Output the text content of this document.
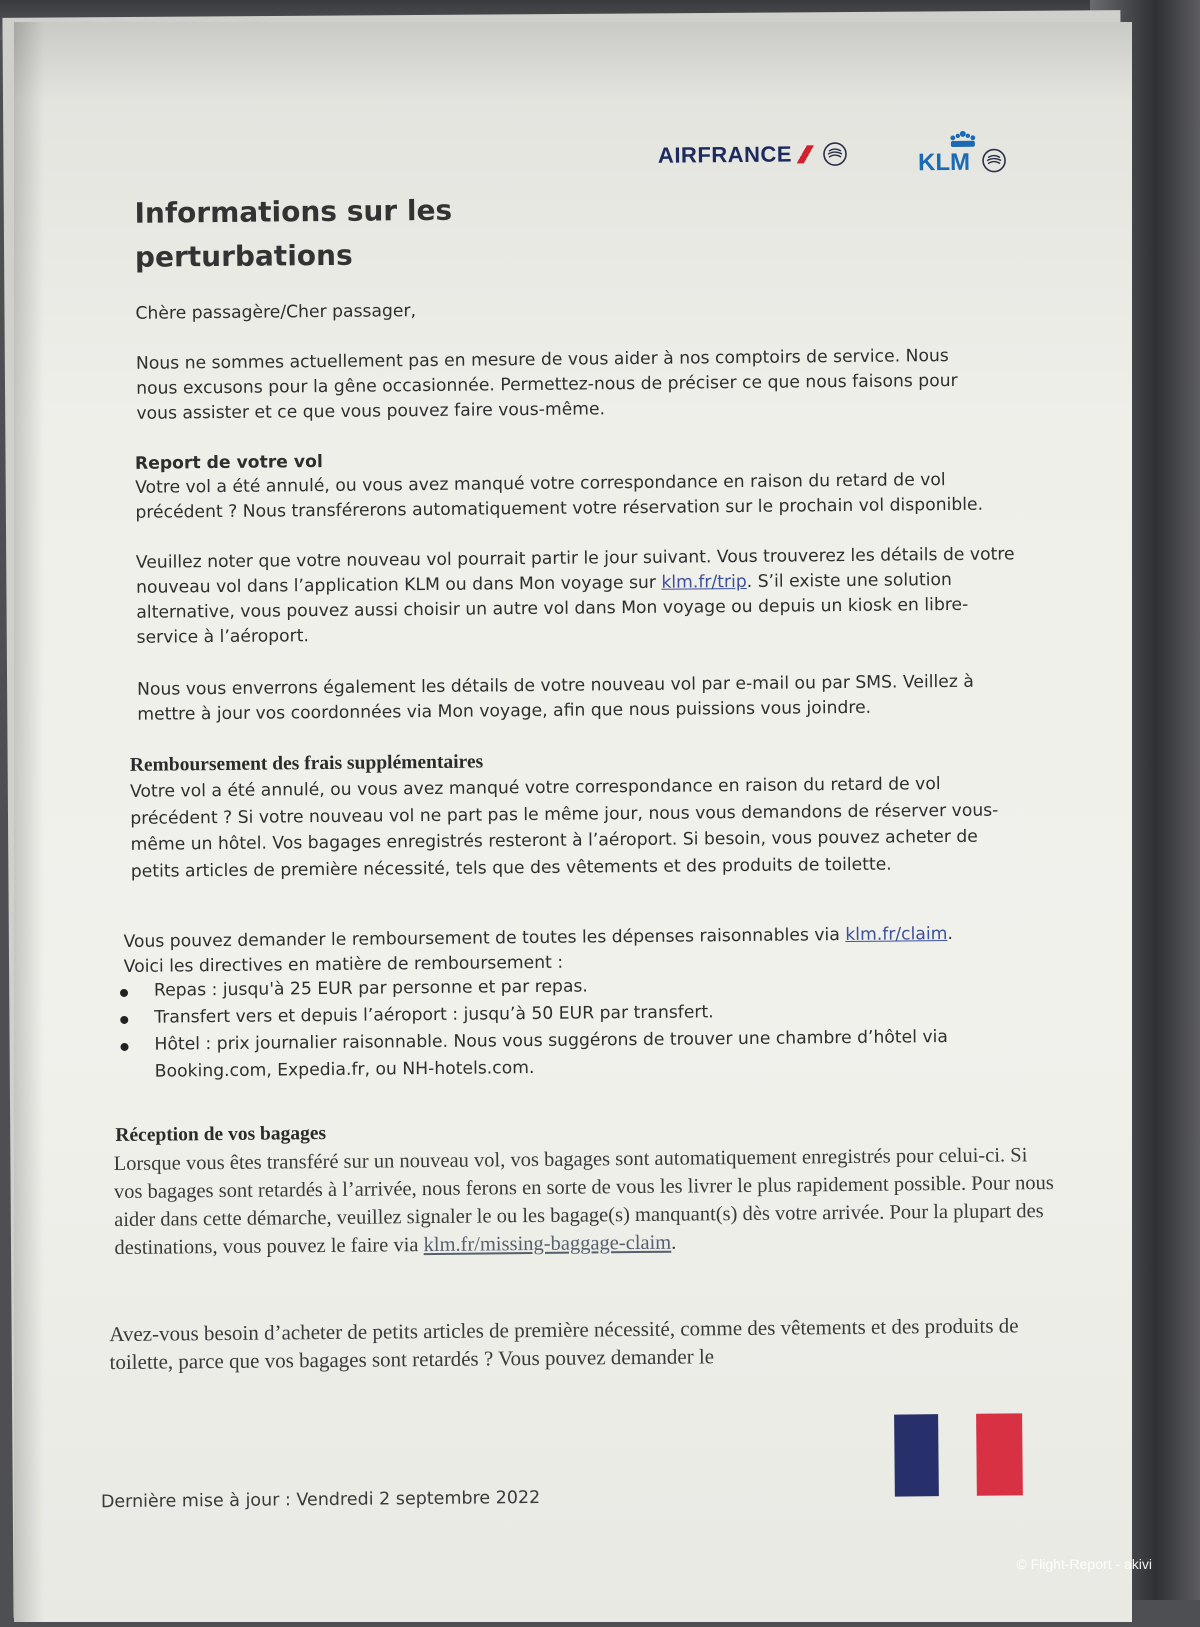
AIRFRANCE	KLM
Informations sur les perturbations

Chère passagère/Cher passager,

Nous ne sommes actuellement pas en mesure de vous aider à nos comptoirs de service. Nous nous excusons pour la gêne occasionnée. Permettez-nous de préciser ce que nous faisons pour vous assister et ce que vous pouvez faire vous-même.

Report de votre vol

Votre vol a été annulé, ou vous avez manqué votre correspondance en raison du retard de vol précédent ? Nous transférerons automatiquement votre réservation sur le prochain vol disponible.

Veuillez noter que votre nouveau vol pourrait partir le jour suivant. Vous trouverez les détails de votre nouveau vol dans l’application KLM ou dans Mon voyage sur klm.fr/trip. S’il existe une solution alternative, vous pouvez aussi choisir un autre vol dans Mon voyage ou depuis un kiosk en libre-service à l’aéroport.

Nous vous enverrons également les détails de votre nouveau vol par e-mail ou par SMS. Veillez à mettre à jour vos coordonnées via Mon voyage, afin que nous puissions vous joindre.

Remboursement des frais supplémentaires

Votre vol a été annulé, ou vous avez manqué votre correspondance en raison du retard de vol précédent ? Si votre nouveau vol ne part pas le même jour, nous vous demandons de réserver vous-même un hôtel. Vos bagages enregistrés resteront à l’aéroport. Si besoin, vous pouvez acheter de petits articles de première nécessité, tels que des vêtements et des produits de toilette.

Vous pouvez demander le remboursement de toutes les dépenses raisonnables via klm.fr/claim.

Voici les directives en matière de remboursement :

Repas : jusqu'à 25 EUR par personne et par repas.
Transfert vers et depuis l’aéroport : jusqu’à 50 EUR par transfert.
Hôtel : prix journalier raisonnable. Nous vous suggérons de trouver une chambre d’hôtel via Booking.com, Expedia.fr, ou NH-hotels.com.

Réception de vos bagages

Lorsque vous êtes transféré sur un nouveau vol, vos bagages sont automatiquement enregistrés pour celui-ci. Si vos bagages sont retardés à l’arrivée, nous ferons en sorte de vous les livrer le plus rapidement possible. Pour nous aider dans cette démarche, veuillez signaler le ou les bagage(s) manquant(s) dès votre arrivée. Pour la plupart des destinations, vous pouvez le faire via klm.fr/missing-baggage-claim.

Avez-vous besoin d’acheter de petits articles de première nécessité, comme des vêtements et des produits de toilette, parce que vos bagages sont retardés ? Vous pouvez demander le

Dernière mise à jour : Vendredi 2 septembre 2022
© Flight-Report - akivi
